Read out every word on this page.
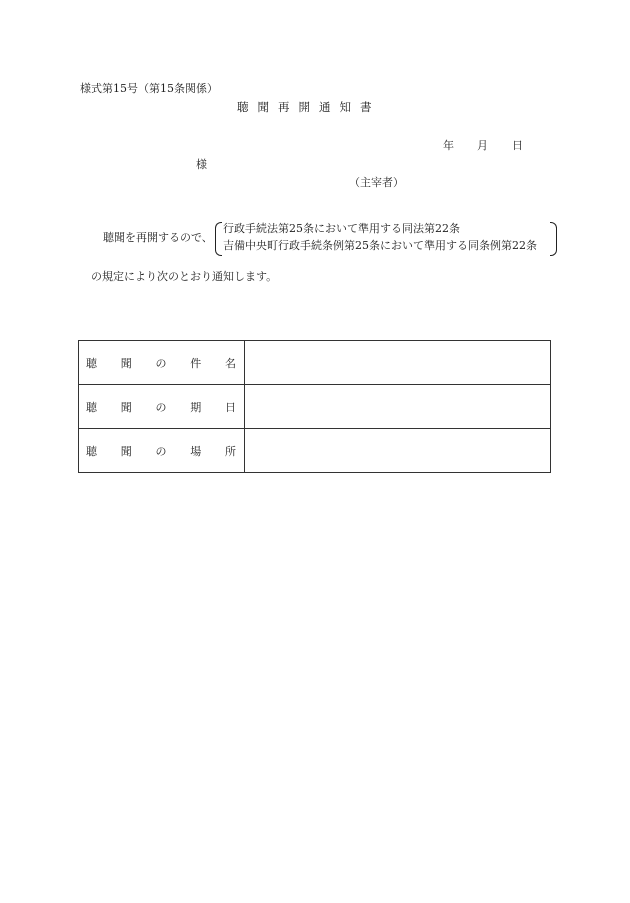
様式第15号（第15条関係）
聴聞再開通知書
年 月 日
様
（主宰者）
聴聞を再開するので、
行政手続法第25条において準用する同法第22条
吉備中央町行政手続条例第25条において準用する同条例第22条
の規定により次のとおり通知します。
聴 聞 の 件 名	

聴 聞 の 期 日	

聴 聞 の 場 所	
